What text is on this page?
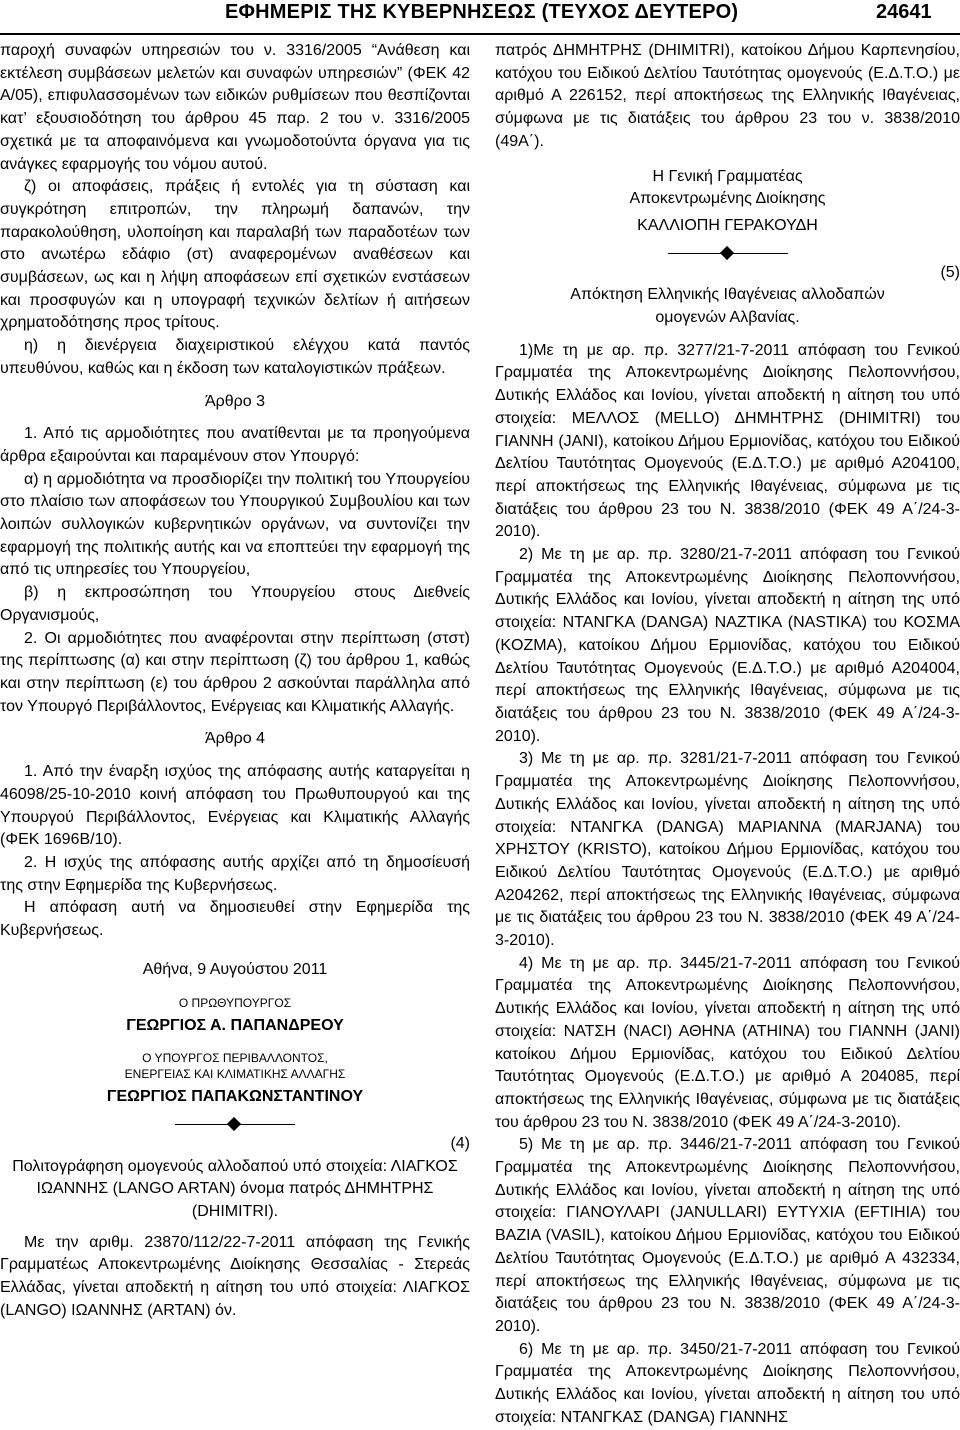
ΕΦΗΜΕΡΙΣ ΤΗΣ ΚΥΒΕΡΝΗΣΕΩΣ (ΤΕΥΧΟΣ ΔΕΥΤΕΡΟ)	24641

παροχή συναφών υπηρεσιών του ν. 3316/2005 “Ανάθεση και εκτέλεση συμβάσεων μελετών και συναφών υπηρεσιών” (ΦΕΚ 42 Α/05), επιφυλασσομένων των ειδικών ρυθμίσεων που θεσπίζονται κατ’ εξουσιοδότηση του άρθρου 45 παρ. 2 του ν. 3316/2005 σχετικά με τα αποφαινόμενα και γνωμοδοτούντα όργανα για τις ανάγκες εφαρμογής του νόμου αυτού.

ζ) οι αποφάσεις, πράξεις ή εντολές για τη σύσταση και συγκρότηση επιτροπών, την πληρωμή δαπανών, την παρακολούθηση, υλοποίηση και παραλαβή των παραδοτέων των στο ανωτέρω εδάφιο (στ) αναφερομένων αναθέσεων και συμβάσεων, ως και η λήψη αποφάσεων επί σχετικών ενστάσεων και προσφυγών και η υπογραφή τεχνικών δελτίων ή αιτήσεων χρηματοδότησης προς τρίτους.

η) η διενέργεια διαχειριστικού ελέγχου κατά παντός υπευθύνου, καθώς και η έκδοση των καταλογιστικών πράξεων.

Άρθρο 3

1. Από τις αρμοδιότητες που ανατίθενται με τα προηγούμενα άρθρα εξαιρούνται και παραμένουν στον Υπουργό:

α) η αρμοδιότητα να προσδιορίζει την πολιτική του Υπουργείου στο πλαίσιο των αποφάσεων του Υπουργικού Συμβουλίου και των λοιπών συλλογικών κυβερνητικών οργάνων, να συντονίζει την εφαρμογή της πολιτικής αυτής και να εποπτεύει την εφαρμογή της από τις υπηρεσίες του Υπουργείου,

β) η εκπροσώπηση του Υπουργείου στους Διεθνείς Οργανισμούς,

2. Οι αρμοδιότητες που αναφέρονται στην περίπτωση (στστ) της περίπτωσης (α) και στην περίπτωση (ζ) του άρθρου 1, καθώς και στην περίπτωση (ε) του άρθρου 2 ασκούνται παράλληλα από τον Υπουργό Περιβάλλοντος, Ενέργειας και Κλιματικής Αλλαγής.

Άρθρο 4

1. Από την έναρξη ισχύος της απόφασης αυτής καταργείται η 46098/25-10-2010 κοινή απόφαση του Πρωθυπουργού και της Υπουργού Περιβάλλοντος, Ενέργειας και Κλιματικής Αλλαγής (ΦΕΚ 1696Β/10).

2. Η ισχύς της απόφασης αυτής αρχίζει από τη δημοσίευσή της στην Εφημερίδα της Κυβερνήσεως.

Η απόφαση αυτή να δημοσιευθεί στην Εφημερίδα της Κυβερνήσεως.

Αθήνα, 9 Αυγούστου 2011

Ο ΠΡΩΘΥΠΟΥΡΓΟΣ

ΓΕΩΡΓΙΟΣ Α. ΠΑΠΑΝΔΡΕΟΥ

Ο ΥΠΟΥΡΓΟΣ ΠΕΡΙΒΑΛΛΟΝΤΟΣ,

ΕΝΕΡΓΕΙΑΣ ΚΑΙ ΚΛΙΜΑΤΙΚΗΣ ΑΛΛΑΓΗΣ

ΓΕΩΡΓΙΟΣ ΠΑΠΑΚΩΝΣΤΑΝΤΙΝΟΥ

(4)

Πολιτογράφηση ομογενούς αλλοδαπού υπό στοιχεία: ΛΙΑΓΚΟΣ ΙΩΑΝΝΗΣ (LANGO ARTAN) όνομα πατρός ΔΗΜΗΤΡΗΣ (DHIMITRI).

Με την αριθμ. 23870/112/22-7-2011 απόφαση της Γενικής Γραμματέως Αποκεντρωμένης Διοίκησης Θεσσαλίας - Στερεάς Ελλάδας, γίνεται αποδεκτή η αίτηση του υπό στοιχεία: ΛΙΑΓΚΟΣ (LANGO) ΙΩΑΝΝΗΣ (ARTAN) όν.

πατρός ΔΗΜΗΤΡΗΣ (DHIMITRI), κατοίκου Δήμου Καρπενησίου, κατόχου του Ειδικού Δελτίου Ταυτότητας ομογενούς (Ε.Δ.Τ.Ο.) με αριθμό Α 226152, περί αποκτήσεως της Ελληνικής Ιθαγένειας, σύμφωνα με τις διατάξεις του άρθρου 23 του ν. 3838/2010 (49Α΄).

Η Γενική Γραμματέας

Αποκεντρωμένης Διοίκησης

ΚΑΛΛΙΟΠΗ ΓΕΡΑΚΟΥΔΗ

(5)

Απόκτηση Ελληνικής Ιθαγένειας αλλοδαπών ομογενών Αλβανίας.

1)Με τη με αρ. πρ. 3277/21-7-2011 απόφαση του Γενικού Γραμματέα της Αποκεντρωμένης Διοίκησης Πελοποννήσου, Δυτικής Ελλάδος και Ιονίου, γίνεται αποδεκτή η αίτηση του υπό στοιχεία: ΜΕΛΛΟΣ (MELLO) ΔΗΜΗΤΡΗΣ (DHIMITRI) του ΓΙΑΝΝΗ (JANI), κατοίκου Δήμου Ερμιονίδας, κατόχου του Ειδικού Δελτίου Ταυτότητας Ομογενούς (Ε.Δ.Τ.Ο.) με αριθμό Α204100, περί αποκτήσεως της Ελληνικής Ιθαγένειας, σύμφωνα με τις διατάξεις του άρθρου 23 του Ν. 3838/2010 (ΦΕΚ 49 Α΄/24-3-2010).

2) Με τη με αρ. πρ. 3280/21-7-2011 απόφαση του Γενικού Γραμματέα της Αποκεντρωμένης Διοίκησης Πελοποννήσου, Δυτικής Ελλάδος και Ιονίου, γίνεται αποδεκτή η αίτηση της υπό στοιχεία: ΝΤΑΝΓΚΑ (DANGA) ΝΑΖΤΙΚΑ (NASTIKA) του ΚΟΣΜΑ (KOZMA), κατοίκου Δήμου Ερμιονίδας, κατόχου του Ειδικού Δελτίου Ταυτότητας Ομογενούς (Ε.Δ.Τ.Ο.) με αριθμό Α204004, περί αποκτήσεως της Ελληνικής Ιθαγένειας, σύμφωνα με τις διατάξεις του άρθρου 23 του Ν. 3838/2010 (ΦΕΚ 49 Α΄/24-3-2010).

3) Με τη με αρ. πρ. 3281/21-7-2011 απόφαση του Γενικού Γραμματέα της Αποκεντρωμένης Διοίκησης Πελοποννήσου, Δυτικής Ελλάδος και Ιονίου, γίνεται αποδεκτή η αίτηση της υπό στοιχεία: ΝΤΑΝΓΚΑ (DANGA) ΜΑΡΙΑΝΝΑ (MARJANA) του ΧΡΗΣΤΟΥ (KRISTO), κατοίκου Δήμου Ερμιονίδας, κατόχου του Ειδικού Δελτίου Ταυτότητας Ομογενούς (Ε.Δ.Τ.Ο.) με αριθμό Α204262, περί αποκτήσεως της Ελληνικής Ιθαγένειας, σύμφωνα με τις διατάξεις του άρθρου 23 του Ν. 3838/2010 (ΦΕΚ 49 Α΄/24-3-2010).

4) Με τη με αρ. πρ. 3445/21-7-2011 απόφαση του Γενικού Γραμματέα της Αποκεντρωμένης Διοίκησης Πελοποννήσου, Δυτικής Ελλάδος και Ιονίου, γίνεται αποδεκτή η αίτηση της υπό στοιχεία: ΝΑΤΣΗ (NACI) ΑΘΗΝΑ (ATHINA) του ΓΙΑΝΝΗ (JANI) κατοίκου Δήμου Ερμιονίδας, κατόχου του Ειδικού Δελτίου Ταυτότητας Ομογενούς (Ε.Δ.Τ.Ο.) με αριθμό Α 204085, περί αποκτήσεως της Ελληνικής Ιθαγένειας, σύμφωνα με τις διατάξεις του άρθρου 23 του Ν. 3838/2010 (ΦΕΚ 49 Α΄/24-3-2010).

5) Με τη με αρ. πρ. 3446/21-7-2011 απόφαση του Γενικού Γραμματέα της Αποκεντρωμένης Διοίκησης Πελοποννήσου, Δυτικής Ελλάδος και Ιονίου, γίνεται αποδεκτή η αίτηση της υπό στοιχεία: ΓΙΑΝΟΥΛΑΡΙ (JANULLARI) ΕΥΤΥΧΙΑ (EFTIHIA) του ΒΑΖΙΑ (VASIL), κατοίκου Δήμου Ερμιονίδας, κατόχου του Ειδικού Δελτίου Ταυτότητας Ομογενούς (Ε.Δ.Τ.Ο.) με αριθμό Α 432334, περί αποκτήσεως της Ελληνικής Ιθαγένειας, σύμφωνα με τις διατάξεις του άρθρου 23 του Ν. 3838/2010 (ΦΕΚ 49 Α΄/24-3-2010).

6) Με τη με αρ. πρ. 3450/21-7-2011 απόφαση του Γενικού Γραμματέα της Αποκεντρωμένης Διοίκησης Πελοποννήσου, Δυτικής Ελλάδος και Ιονίου, γίνεται αποδεκτή η αίτηση του υπό στοιχεία: ΝΤΑΝΓΚΑΣ (DANGA) ΓΙΑΝΝΗΣ
